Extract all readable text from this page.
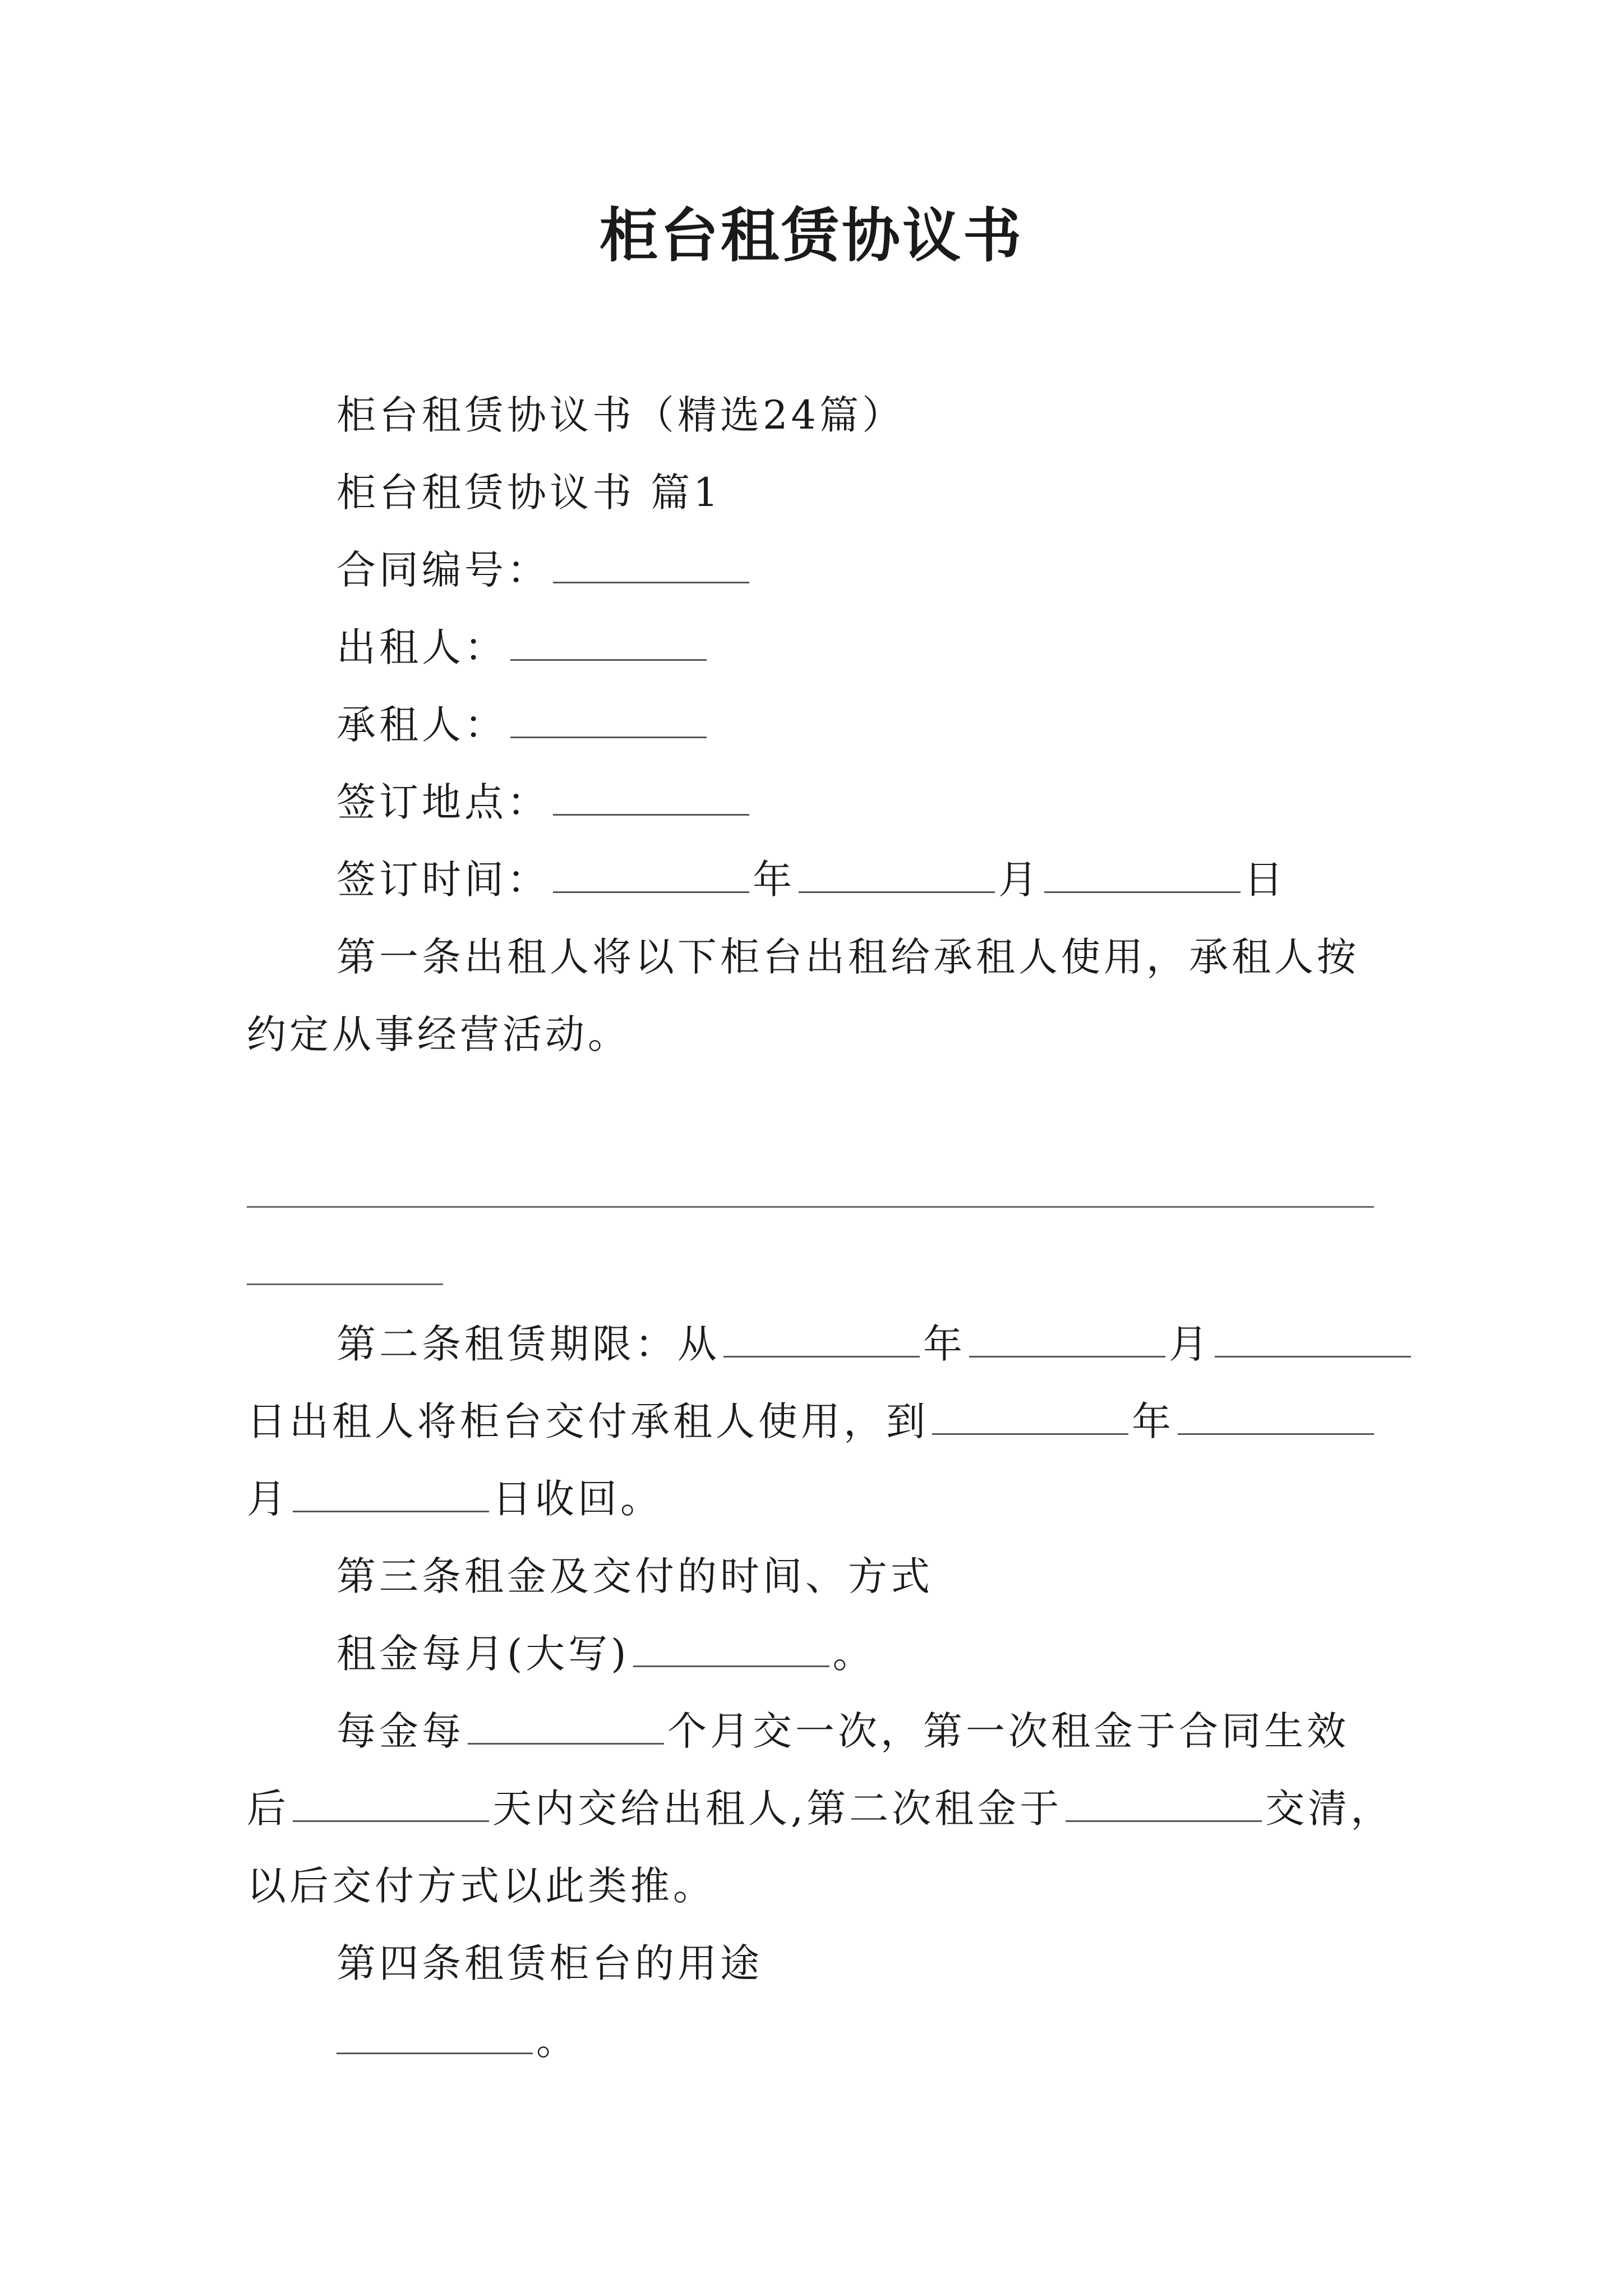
柜台租赁协议书
柜台租赁协议书（精选24篇）
柜台租赁协议书 篇1
合同编号：
出租人：
承租人：
签订地点：
签订时间：	年	月	日
第一条出租人将以下柜台出租给承租人使用，承租人按
约定从事经营活动。
第二条租赁期限：从	年	月
日出租人将柜台交付承租人使用，到	年
月	日收回。
第三条租金及交付的时间、方式
租金每月(大写)	。
每金每	个月交一次，第一次租金于合同生效
后	天内交给出租人,第二次租金于	交清，
以后交付方式以此类推。
第四条租赁柜台的用途
。
